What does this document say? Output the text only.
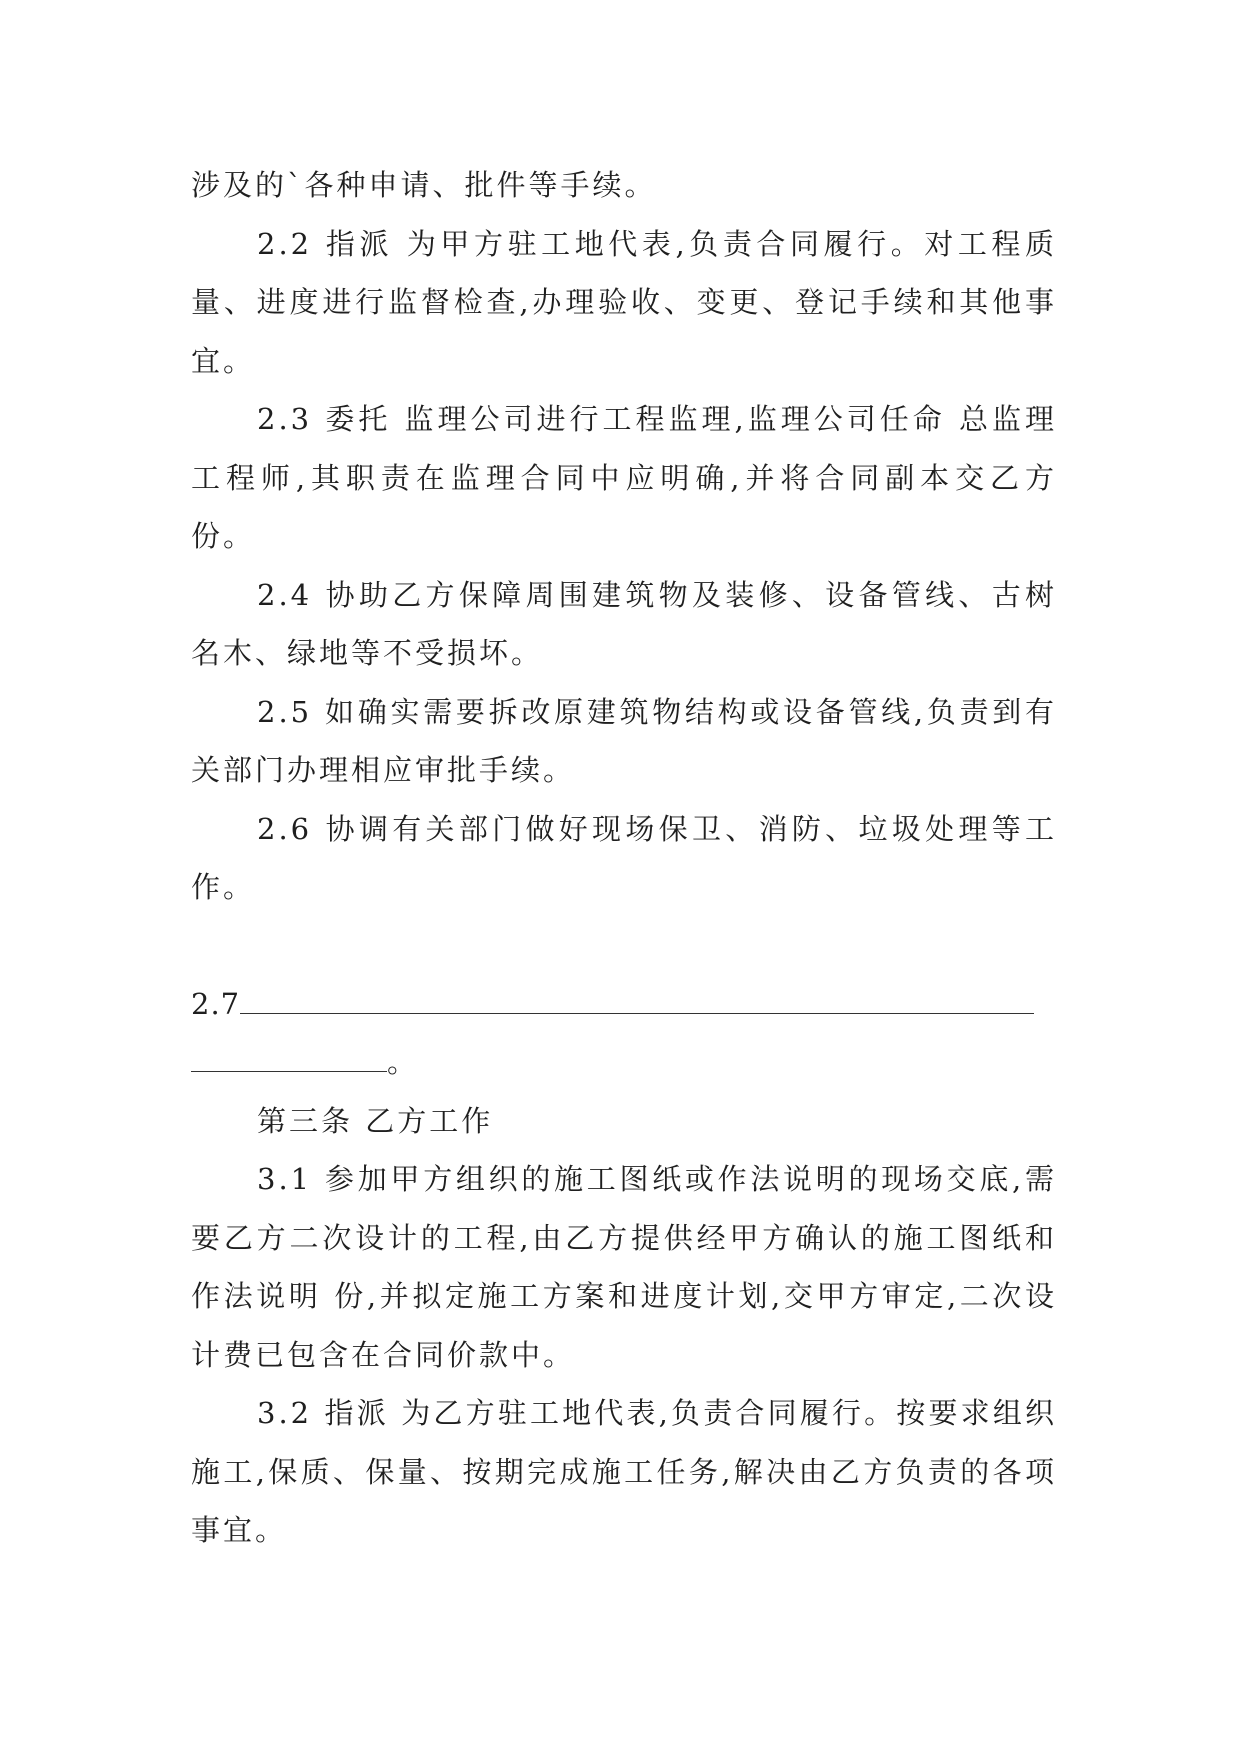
涉及的`各种申请、批件等手续。

2.2 指派 为甲方驻工地代表,负责合同履行。对工程质量、进度进行监督检查,办理验收、变更、登记手续和其他事宜。

2.3 委托 监理公司进行工程监理,监理公司任命 总监理工程师,其职责在监理合同中应明确,并将合同副本交乙方 份。

2.4 协助乙方保障周围建筑物及装修、设备管线、古树名木、绿地等不受损坏。

2.5 如确实需要拆改原建筑物结构或设备管线,负责到有关部门办理相应审批手续。

2.6 协调有关部门做好现场保卫、消防、垃圾处理等工作。

2.7

。

第三条 乙方工作

3.1 参加甲方组织的施工图纸或作法说明的现场交底,需要乙方二次设计的工程,由乙方提供经甲方确认的施工图纸和作法说明 份,并拟定施工方案和进度计划,交甲方审定,二次设计费已包含在合同价款中。

3.2 指派 为乙方驻工地代表,负责合同履行。按要求组织施工,保质、保量、按期完成施工任务,解决由乙方负责的各项事宜。
